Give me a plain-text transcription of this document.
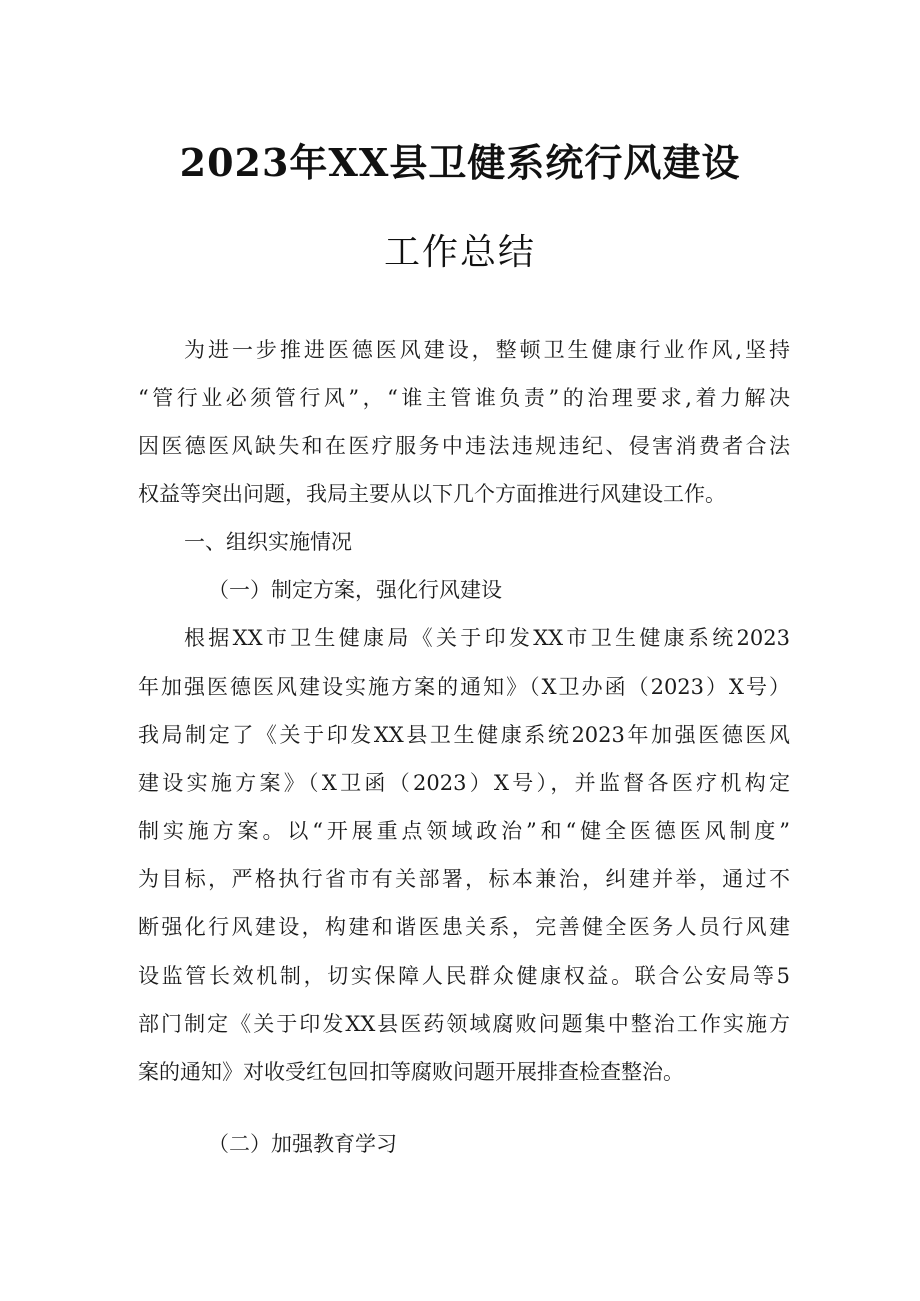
2023年XX县卫健系统行风建设
工作总结
为进一步推进医德医风建设，整顿卫生健康行业作风,坚持
“管行业必须管行风”，“谁主管谁负责”的治理要求,着力解决
因医德医风缺失和在医疗服务中违法违规违纪、侵害消费者合法
权益等突出问题，我局主要从以下几个方面推进行风建设工作。
一、组织实施情况
（一）制定方案，强化行风建设
根据XX市卫生健康局《关于印发XX市卫生健康系统2023
年加强医德医风建设实施方案的通知》（X卫办函（2023）X号）
我局制定了《关于印发XX县卫生健康系统2023年加强医德医风
建设实施方案》（X卫函（2023）X号），并监督各医疗机构定
制实施方案。以“开展重点领域政治”和“健全医德医风制度”
为目标，严格执行省市有关部署，标本兼治，纠建并举，通过不
断强化行风建设，构建和谐医患关系，完善健全医务人员行风建
设监管长效机制，切实保障人民群众健康权益。联合公安局等5
部门制定《关于印发XX县医药领域腐败问题集中整治工作实施方
案的通知》对收受红包回扣等腐败问题开展排查检查整治。
（二）加强教育学习
